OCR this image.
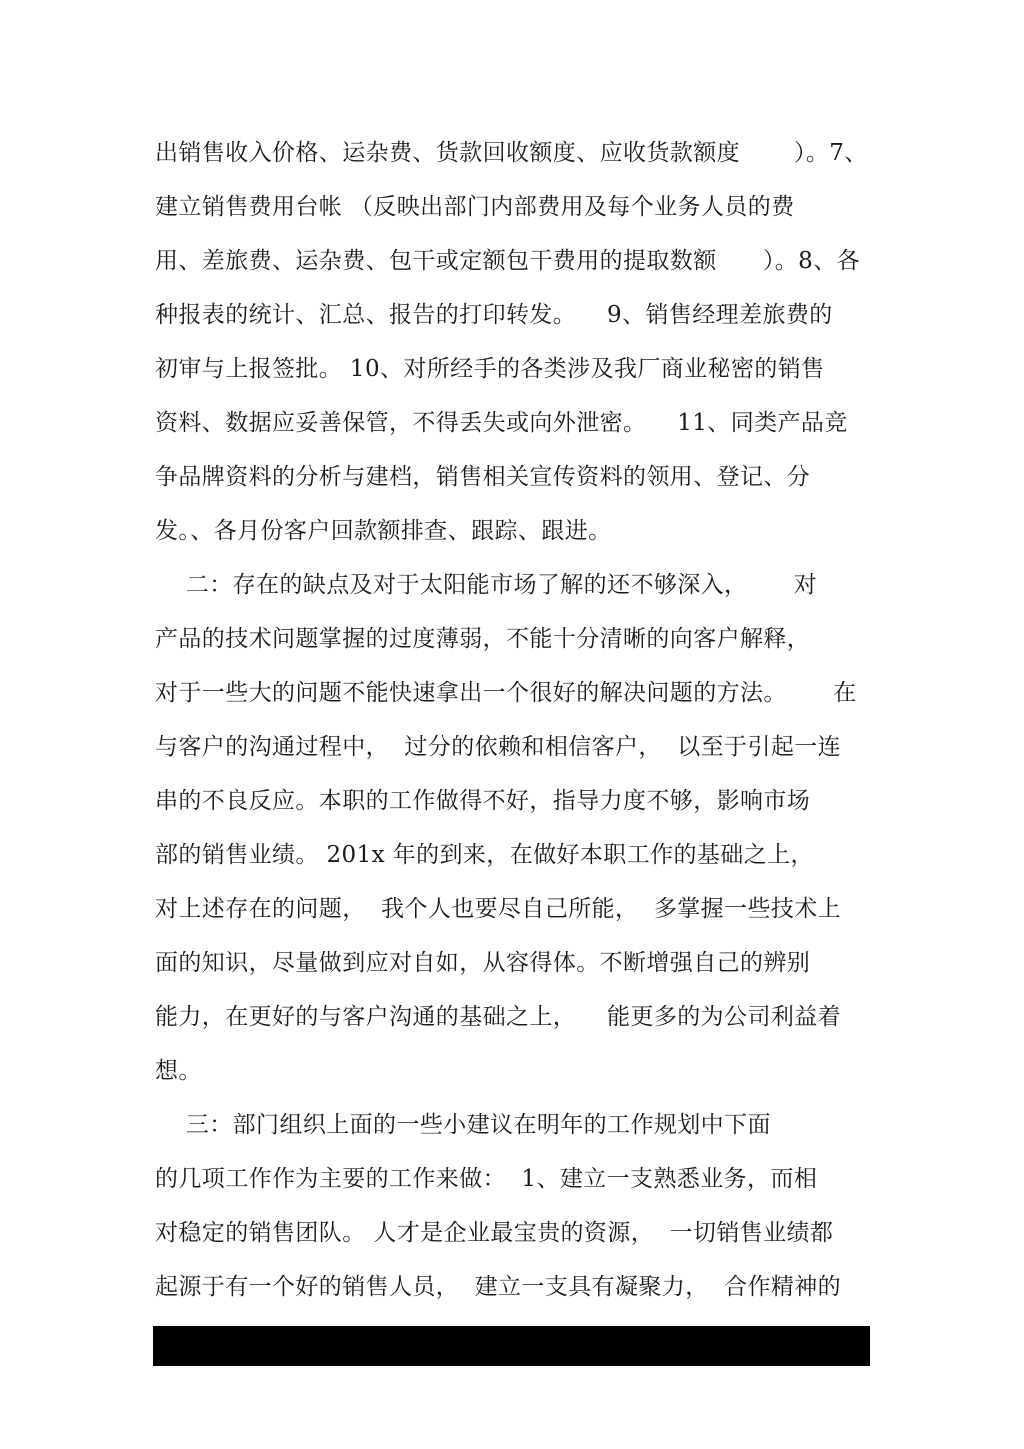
出销售收入价格、运杂费、货款回收额度、应收货款额度       ）。7、
建立销售费用台帐 （反映出部门内部费用及每个业务人员的费
用、差旅费、运杂费、包干或定额包干费用的提取数额      ）。8、各
种报表的统计、汇总、报告的打印转发。    9、销售经理差旅费的
初审与上报签批。 10、对所经手的各类涉及我厂商业秘密的销售
资料、数据应妥善保管，不得丢失或向外泄密。    11、同类产品竞
争品牌资料的分析与建档，销售相关宣传资料的领用、登记、分
发。、各月份客户回款额排查、跟踪、跟进。
二：存在的缺点及对于太阳能市场了解的还不够深入，      对
产品的技术问题掌握的过度薄弱，不能十分清晰的向客户解释，
对于一些大的问题不能快速拿出一个很好的解决问题的方法。      在
与客户的沟通过程中，  过分的依赖和相信客户，  以至于引起一连
串的不良反应。本职的工作做得不好，指导力度不够，影响市场
部的销售业绩。 201x 年的到来，在做好本职工作的基础之上，
对上述存在的问题，  我个人也要尽自己所能，  多掌握一些技术上
面的知识，尽量做到应对自如，从容得体。不断增强自己的辨别
能力，在更好的与客户沟通的基础之上，    能更多的为公司利益着
想。
三：部门组织上面的一些小建议在明年的工作规划中下面
的几项工作作为主要的工作来做：  1、建立一支熟悉业务，而相
对稳定的销售团队。 人才是企业最宝贵的资源，  一切销售业绩都
起源于有一个好的销售人员，  建立一支具有凝聚力，  合作精神的
